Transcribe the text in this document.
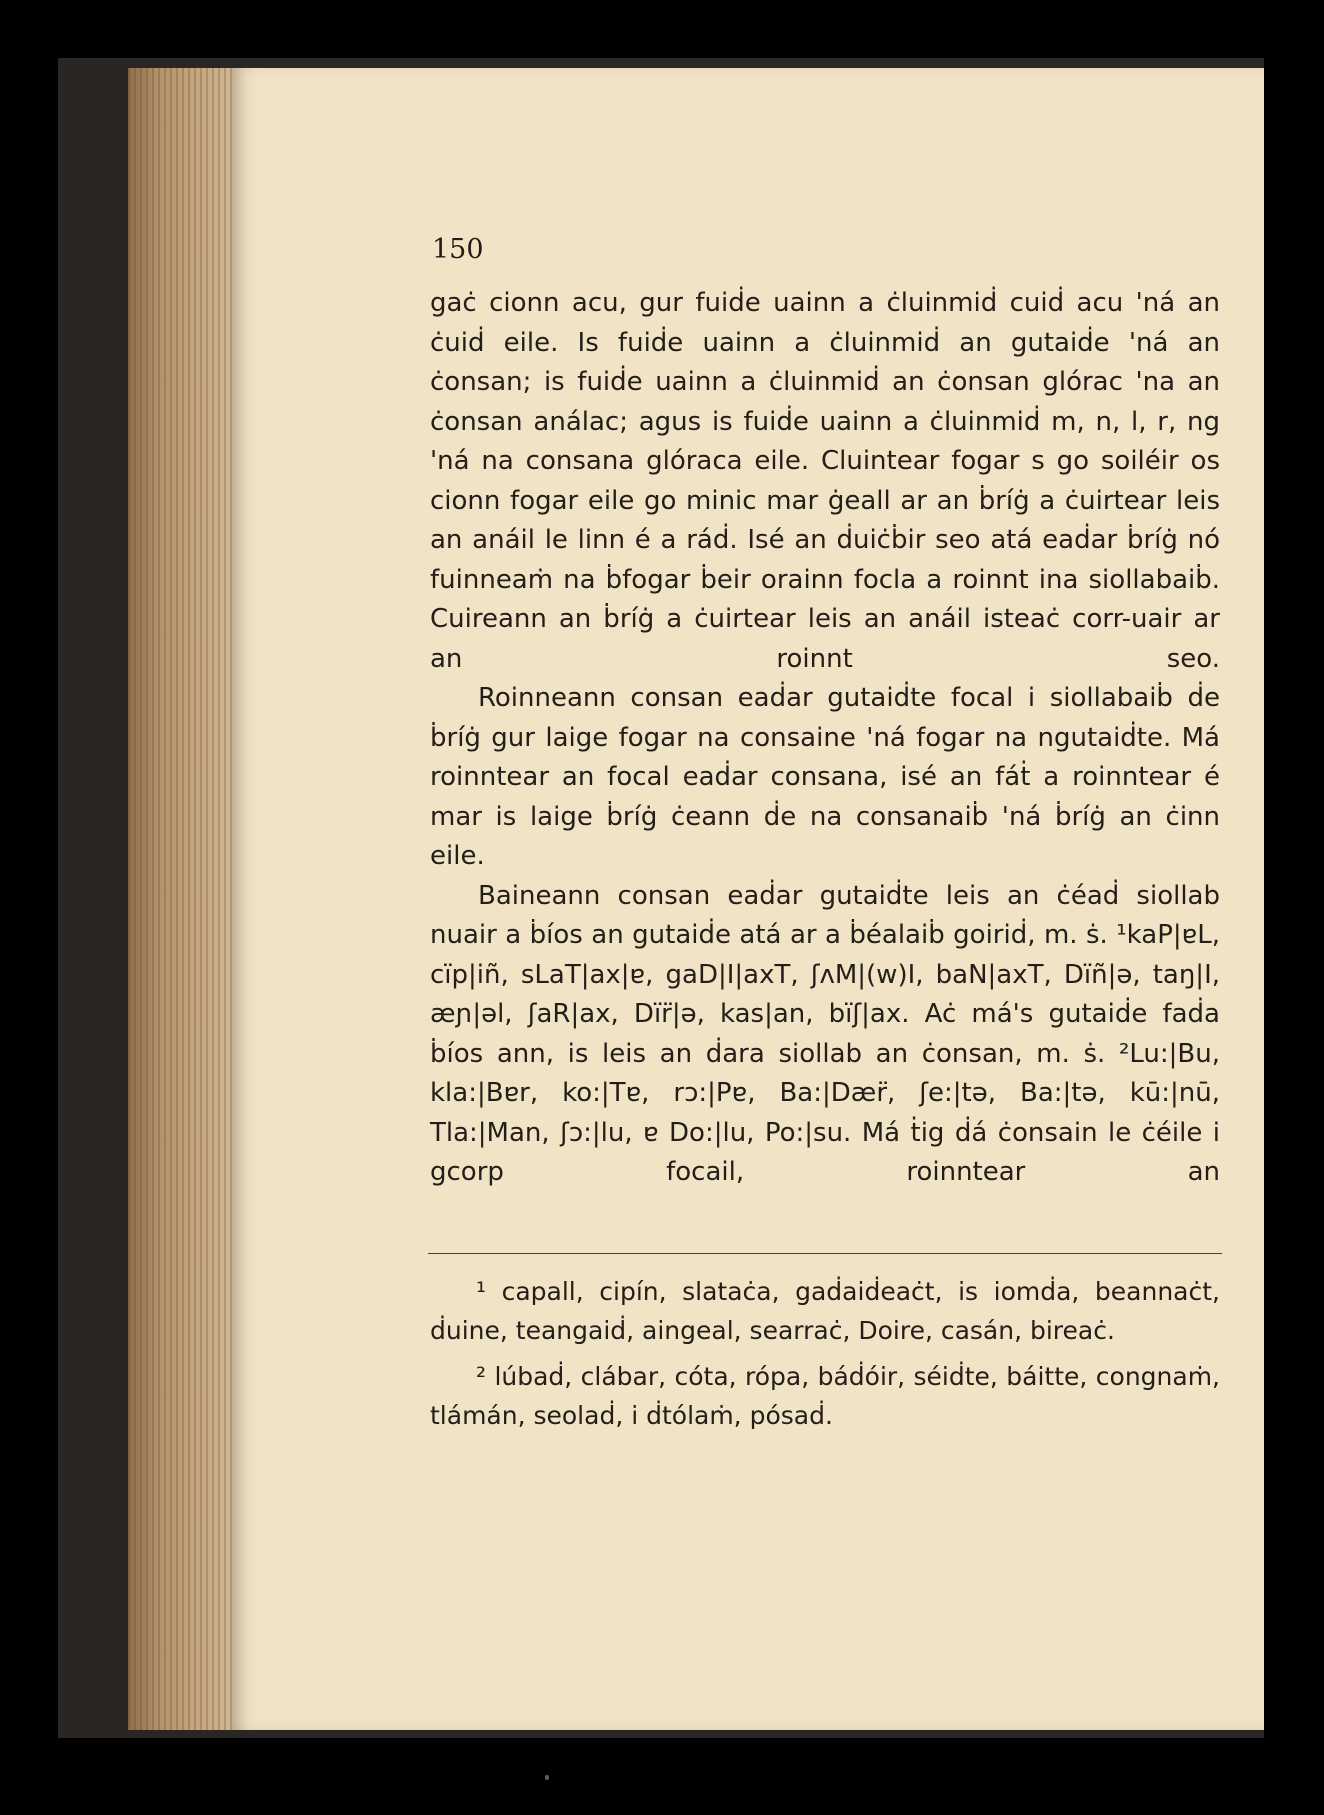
150

gaċ cionn acu, gur fuiḋe uainn a ċluinmiḋ cuiḋ acu 'ná an ċuiḋ eile. Is fuiḋe uainn a ċluinmiḋ an gutaiḋe 'ná an ċonsan; is fuiḋe uainn a ċluinmiḋ an ċonsan glórac 'na an ċonsan análac; agus is fuiḋe uainn a ċluinmiḋ m, n, l, r, ng 'ná na consana glóraca eile. Cluintear fogar s go soiléir os cionn fogar eile go minic mar ġeall ar an ḃríġ a ċuirtear leis an anáil le linn é a ráḋ. Isé an ḋuiċḃir seo atá eaḋar ḃríġ nó fuinneaṁ na ḃfogar ḃeir orainn focla a roinnt ina siollabaiḃ. Cuireann an ḃríġ a ċuirtear leis an anáil isteaċ corr-uair ar an roinnt seo.

Roinneann consan eaḋar gutaiḋte focal i siollabaiḃ ḋe ḃríġ gur laige fogar na consaine 'ná fogar na ngutaiḋte. Má roinntear an focal eaḋar consana, isé an fáṫ a roinntear é mar is laige ḃríġ ċeann ḋe na consanaiḃ 'ná ḃríġ an ċinn eile.

Baineann consan eaḋar gutaiḋte leis an ċéaḋ siollab nuair a ḃíos an gutaiḋe atá ar a ḃéalaiḃ goiriḋ, m. ṡ. ¹kaP|ɐL, cïp|iñ, sLaT|ax|ɐ, gaD|I|axT, ʃʌM|(w)I, baN|axT, Dïñ|ə, taŋ|I, æɲ|əl, ʃaR|ax, Dïr̈|ə, kas|an, bïʃ|ax. Aċ má's gutaiḋe faḋa ḃíos ann, is leis an ḋara siollab an ċonsan, m. ṡ. ²Lu:|Bu, kla:|Bɐr, ko:|Tɐ, rɔ:|Pɐ, Ba:|Dær̈, ʃe:|tə, Ba:|tə, kū:|nū, Tla:|Man, ʃɔ:|lu, ɐ Do:|lu, Po:|su. Má ṫig ḋá ċonsain le ċéile i gcorp focail, roinntear an

¹ capall, cipín, slataċa, gaḋaiḋeaċt, is iomḋa, beannaċt, ḋuine, teangaiḋ, aingeal, searraċ, Doire, casán, bireaċ.

² lúbaḋ, clábar, cóta, rópa, báḋóir, séiḋte, báitte, congnaṁ, tlámán, seolaḋ, i ḋtólaṁ, pósaḋ.
